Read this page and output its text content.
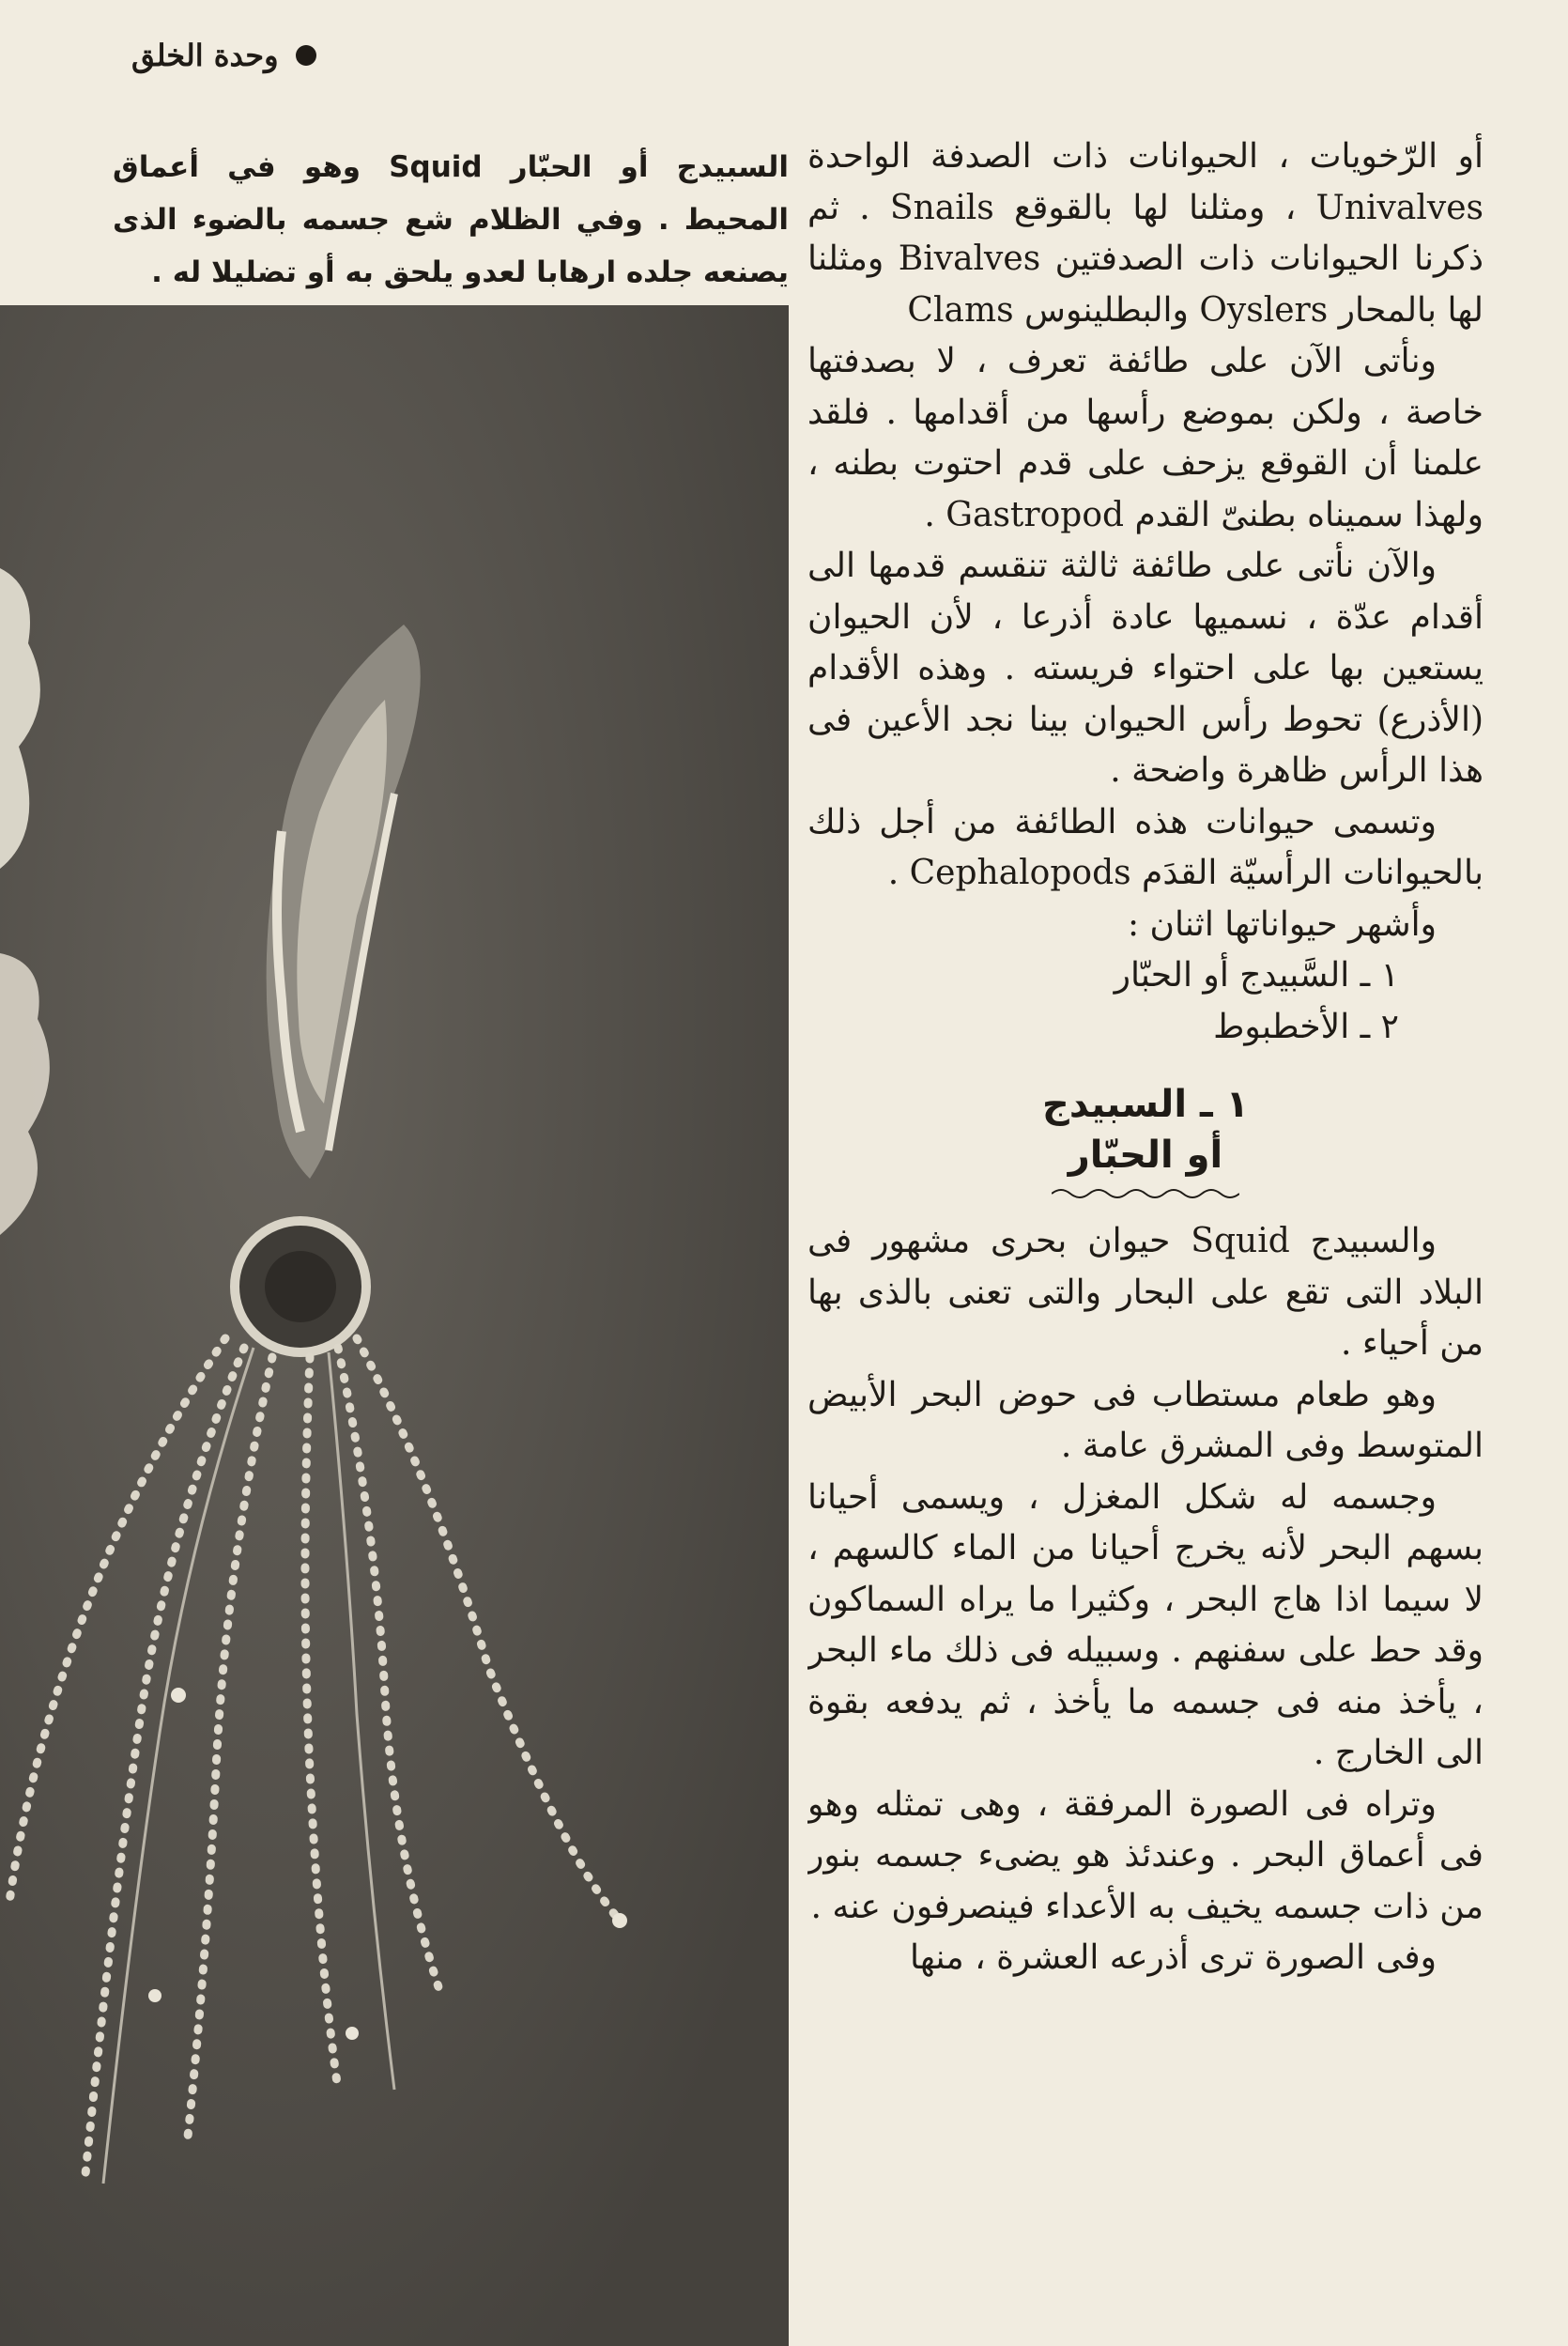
وحدة الخلق
السبيدج أو الحبّار Squid وهو في أعماق المحيط . وفي الظلام شع جسمه بالضوء الذى يصنعه جلده ارهابا لعدو يلحق به أو تضليلا له .

أو الرّخويات ، الحيوانات ذات الصدفة الواحدة Univalves ، ومثلنا لها بالقوقع Snails . ثم ذكرنا الحيوانات ذات الصدفتين Bivalves ومثلنا لها بالمحار Oyslers والبطلينوس Clams

ونأتى الآن على طائفة تعرف ، لا بصدفتها خاصة ، ولكن بموضع رأسها من أقدامها . فلقد علمنا أن القوقع يزحف على قدم احتوت بطنه ، ولهذا سميناه بطنىّ القدم Gastropod .

والآن نأتى على طائفة ثالثة تنقسم قدمها الى أقدام عدّة ، نسميها عادة أذرعا ، لأن الحيوان يستعين بها على احتواء فريسته . وهذه الأقدام (الأذرع) تحوط رأس الحيوان بينا نجد الأعين فى هذا الرأس ظاهرة واضحة .

وتسمى حيوانات هذه الطائفة من أجل ذلك بالحيوانات الرأسيّة القدَم Cephalopods .

وأشهر حيواناتها اثنان :

١ ـ السَّبيدج أو الحبّار
٢ ـ الأخطبوط
١ ـ السبيدج
أو الحبّار

والسبيدج Squid حيوان بحرى مشهور فى البلاد التى تقع على البحار والتى تعنى بالذى بها من أحياء .

وهو طعام مستطاب فى حوض البحر الأبيض المتوسط وفى المشرق عامة .

وجسمه له شكل المغزل ، ويسمى أحيانا بسهم البحر لأنه يخرج أحيانا من الماء كالسهم ، لا سيما اذا هاج البحر ، وكثيرا ما يراه السماكون وقد حط على سفنهم . وسبيله فى ذلك ماء البحر ، يأخذ منه فى جسمه ما يأخذ ، ثم يدفعه بقوة الى الخارج .

وتراه فى الصورة المرفقة ، وهى تمثله وهو فى أعماق البحر . وعندئذ هو يضىء جسمه بنور من ذات جسمه يخيف به الأعداء فينصرفون عنه .

وفى الصورة ترى أذرعه العشرة ، منها
